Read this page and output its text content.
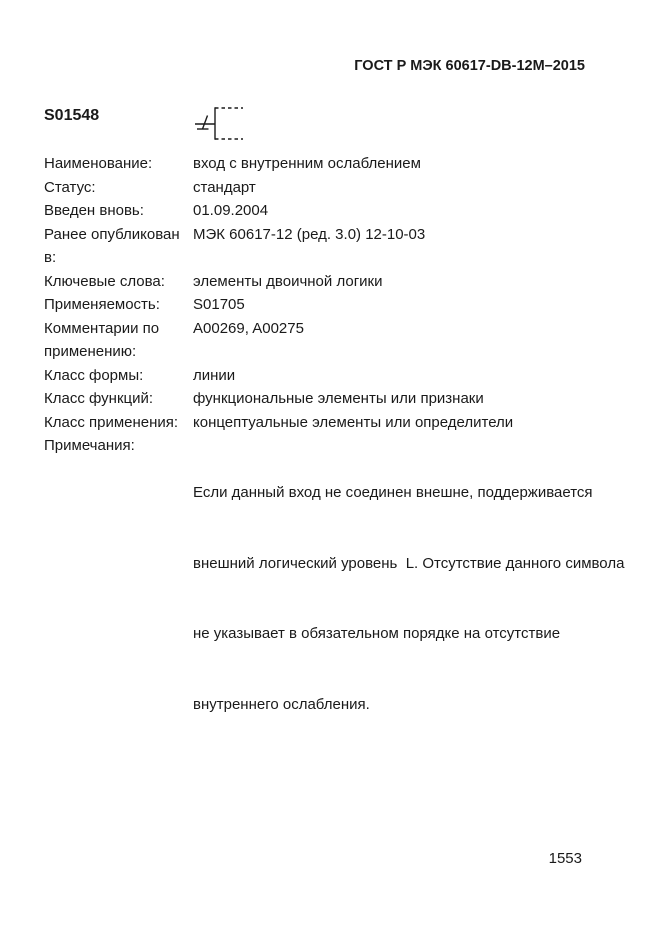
ГОСТ Р МЭК 60617-DB-12M–2015
S01548
Наименование:	вход с внутренним ослаблением
Статус:	стандарт
Введен вновь:	01.09.2004
Ранее опубликован в:
МЭК 60617-12 (ред. 3.0) 12-10-03
Ключевые слова:	элементы двоичной логики
Применяемость:	S01705
Комментарии по
применению:
A00269, A00275
Класс формы:	линии
Класс функций:	функциональные элементы или признаки
Класс применения: концептуальные элементы или определители
Примечания:

Если данный вход не соединен внешне, поддерживается

внешний логический уровень  L. Отсутствие данного символа

не указывает в обязательном порядке на отсутствие

внутреннего ослабления.

1553
